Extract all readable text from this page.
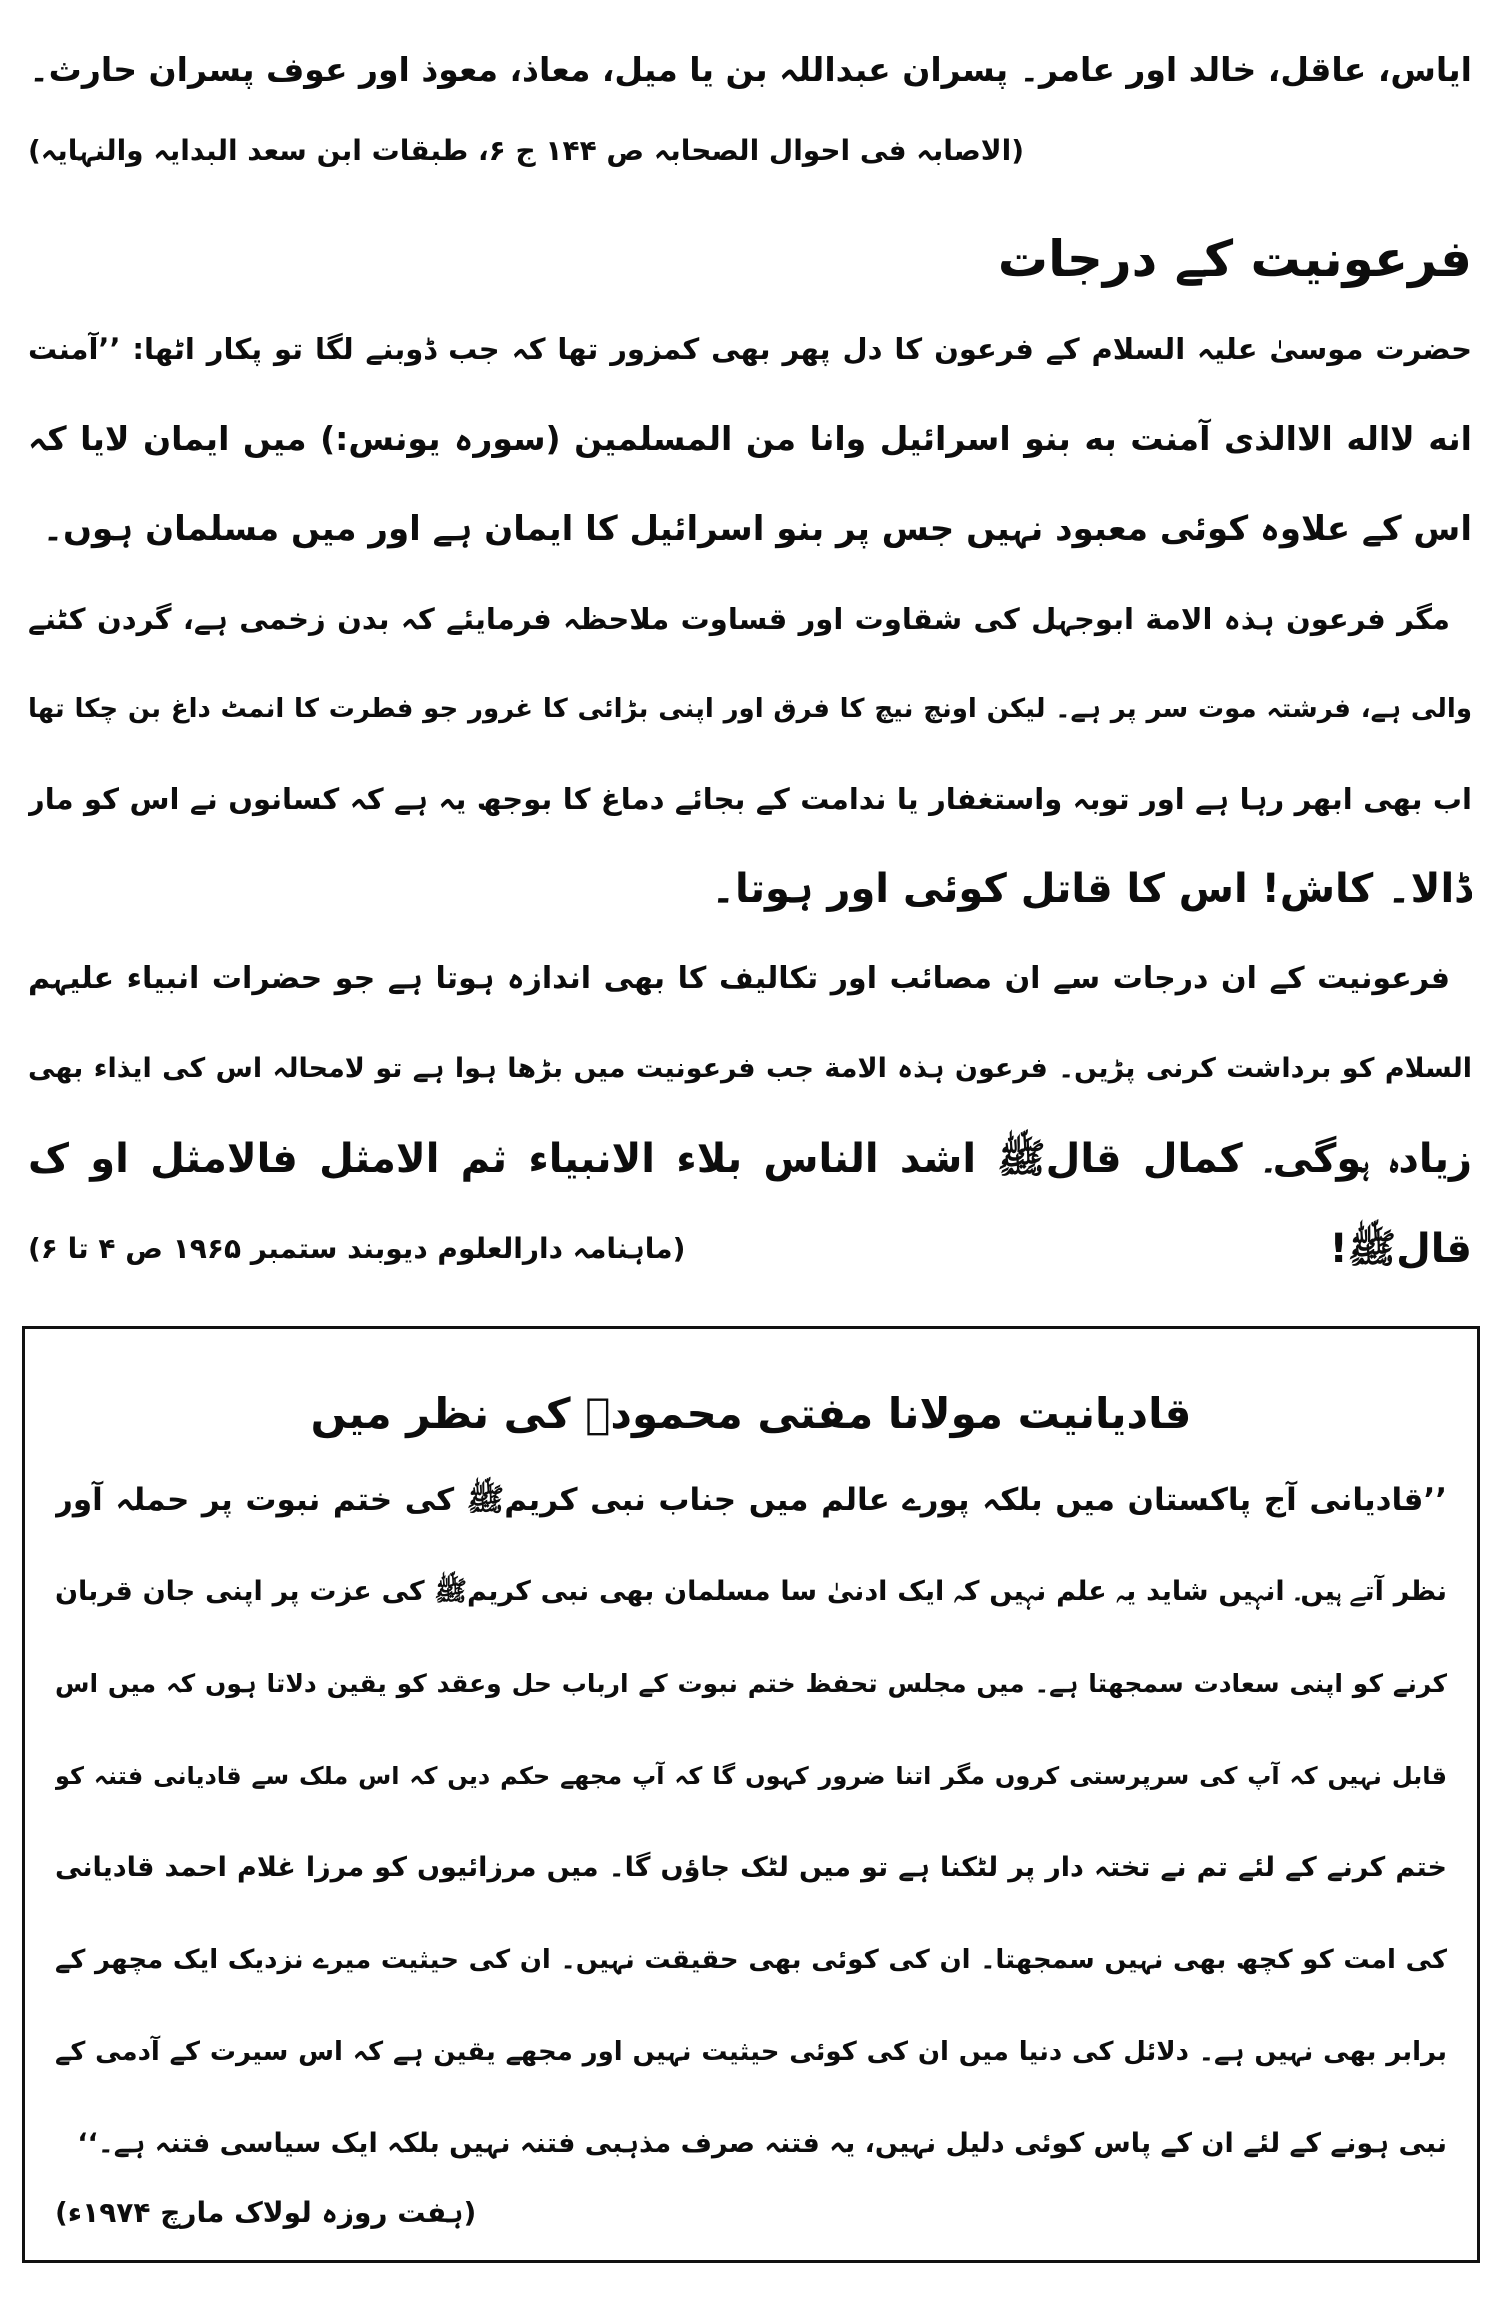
ایاس، عاقل، خالد اور عامر۔ پسران عبداللہ بن یا میل، معاذ، معوذ اور عوف پسران حارث۔
(الاصابہ فی احوال الصحابہ ص ۱۴۴ ج ۶، طبقات ابن سعد البدایہ والنہایہ)
فرعونیت کے درجات
حضرت موسیٰ علیہ السلام کے فرعون کا دل پھر بھی کمزور تھا کہ جب ڈوبنے لگا تو پکار اٹھا: ’’آمنت
انه لااله الاالذی آمنت به بنو اسرائیل وانا من المسلمین (سورہ یونس:) میں ایمان لایا کہ
اس کے علاوہ کوئی معبود نہیں جس پر بنو اسرائیل کا ایمان ہے اور میں مسلمان ہوں۔
مگر فرعون ہذہ الامة ابوجہل کی شقاوت اور قساوت ملاحظہ فرمایئے کہ بدن زخمی ہے، گردن کٹنے
والی ہے، فرشتہ موت سر پر ہے۔ لیکن اونچ نیچ کا فرق اور اپنی بڑائی کا غرور جو فطرت کا انمٹ داغ بن چکا تھا
اب بھی ابھر رہا ہے اور توبہ واستغفار یا ندامت کے بجائے دماغ کا بوجھ یہ ہے کہ کسانوں نے اس کو مار
ڈالا۔ کاش! اس کا قاتل کوئی اور ہوتا۔
فرعونیت کے ان درجات سے ان مصائب اور تکالیف کا بھی اندازہ ہوتا ہے جو حضرات انبیاء علیہم
السلام کو برداشت کرنی پڑیں۔ فرعون ہذہ الامة جب فرعونیت میں بڑھا ہوا ہے تو لامحالہ اس کی ایذاء بھی
زیادہ ہوگی۔ کمال قالﷺ اشد الناس بلاء الانبیاء ثم الامثل فالامثل او ک
قالﷺ!
(ماہنامہ دارالعلوم دیوبند ستمبر ۱۹۶۵ ص ۴ تا ۶)
قادیانیت مولانا مفتی محمودؒ کی نظر میں
’’قادیانی آج پاکستان میں بلکہ پورے عالم میں جناب نبی کریمﷺ کی ختم نبوت پر حملہ آور
نظر آتے ہیں۔ انہیں شاید یہ علم نہیں کہ ایک ادنیٰ سا مسلمان بھی نبی کریمﷺ کی عزت پر اپنی جان قربان
کرنے کو اپنی سعادت سمجھتا ہے۔ میں مجلس تحفظ ختم نبوت کے ارباب حل وعقد کو یقین دلاتا ہوں کہ میں اس
قابل نہیں کہ آپ کی سرپرستی کروں مگر اتنا ضرور کہوں گا کہ آپ مجھے حکم دیں کہ اس ملک سے قادیانی فتنہ کو
ختم کرنے کے لئے تم نے تختہ دار پر لٹکنا ہے تو میں لٹک جاؤں گا۔ میں مرزائیوں کو مرزا غلام احمد قادیانی
کی امت کو کچھ بھی نہیں سمجھتا۔ ان کی کوئی بھی حقیقت نہیں۔ ان کی حیثیت میرے نزدیک ایک مچھر کے
برابر بھی نہیں ہے۔ دلائل کی دنیا میں ان کی کوئی حیثیت نہیں اور مجھے یقین ہے کہ اس سیرت کے آدمی کے
نبی ہونے کے لئے ان کے پاس کوئی دلیل نہیں، یہ فتنہ صرف مذہبی فتنہ نہیں بلکہ ایک سیاسی فتنہ ہے۔‘‘
(ہفت روزہ لولاک مارچ ۱۹۷۴ء)
